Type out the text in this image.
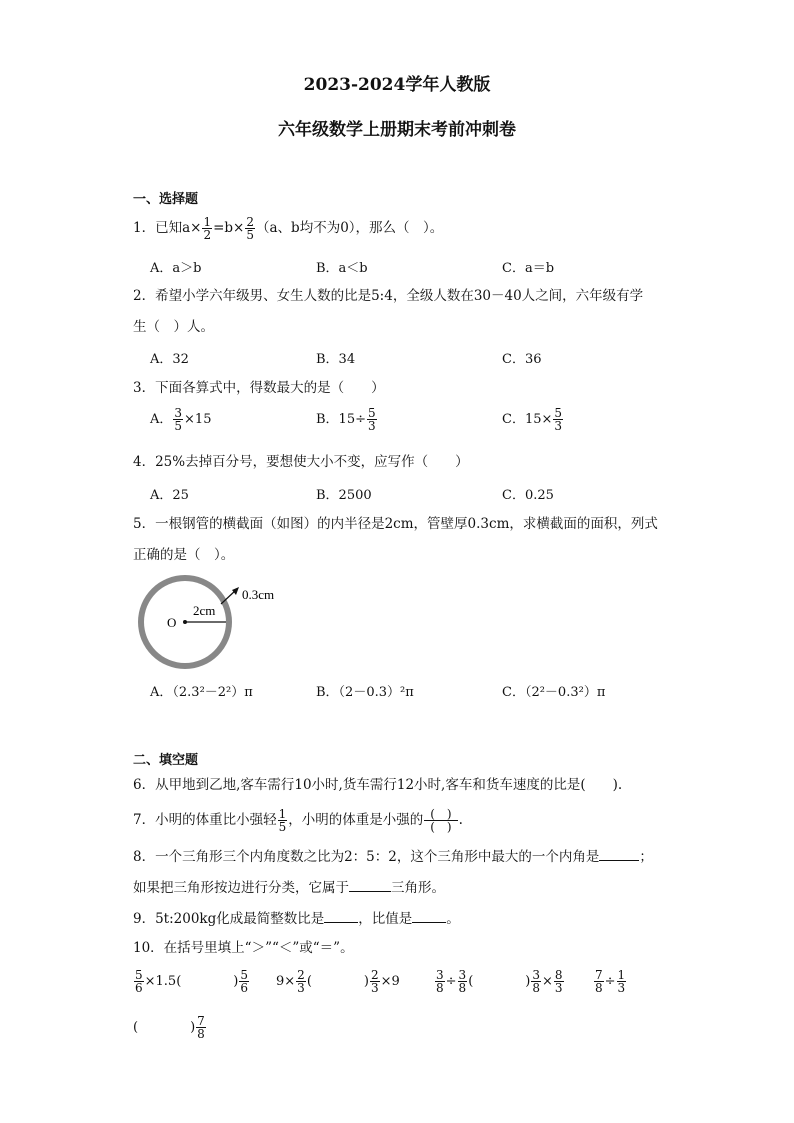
2023-2024学年人教版
六年级数学上册期末考前冲刺卷
一、选择题
1．已知$a\times \frac{1}{2} =b\times \frac{2}{5} (a$、b均不为0），那么（　）。
A．a＞b	B．a＜b	C．a＝b
2．希望小学六年级男、女生人数的比是5:4，全级人数在30－40人之间，六年级有学
生（　）人。
A．32	B．34	C．36
3．下面各算式中，得数最大的是（　　）
A． $\frac{3}{5} \times 15$	B．$15\div \frac{5}{3}$	C．$15\times \frac{5}{3}$
4．25%去掉百分号，要想使大小不变，应写作（　　）
A．25	B．2500	C．0.25
5．一根钢管的横截面（如图）的内半径是2cm，管壁厚0.3cm，求横截面的面积，列式
正确的是（　）。
O
2cm
0.3cm
A．（2.3²－2²）π	B．（2－0.3）²π	C．（2²－0.3²）π
二、填空题
6．从甲地到乙地,客车需行10小时,货车需行12小时,客车和货车速度的比是(　　).
7．小明的体重比小强轻 $\frac{1}{5}$ ，小明的体重是小强的 $\frac{( )}{( )}$ .
8．一个三角形三个内角度数之比为2：5：2，这个三角形中最大的一个内角是	；
如果把三角形按边进行分类，它属于	三角形。
9．5t:200kg化成最简整数比是	，比值是	。
10．在括号里填上“＞”“＜”或“＝”。
$\frac{5}{6} \times 1.5$(　　　　) $\frac{5}{6} 9\times \frac{2}{3}$ (　　　　) $\frac{2}{3} \times 9$	$\frac{3}{8} \div \frac{3}{8}$ (　　　　) $\frac{3}{8} \times \frac{8}{3}$	$\frac{7}{8} \div \frac{1}{3}$
(　　　　) $\frac{7}{8}$
